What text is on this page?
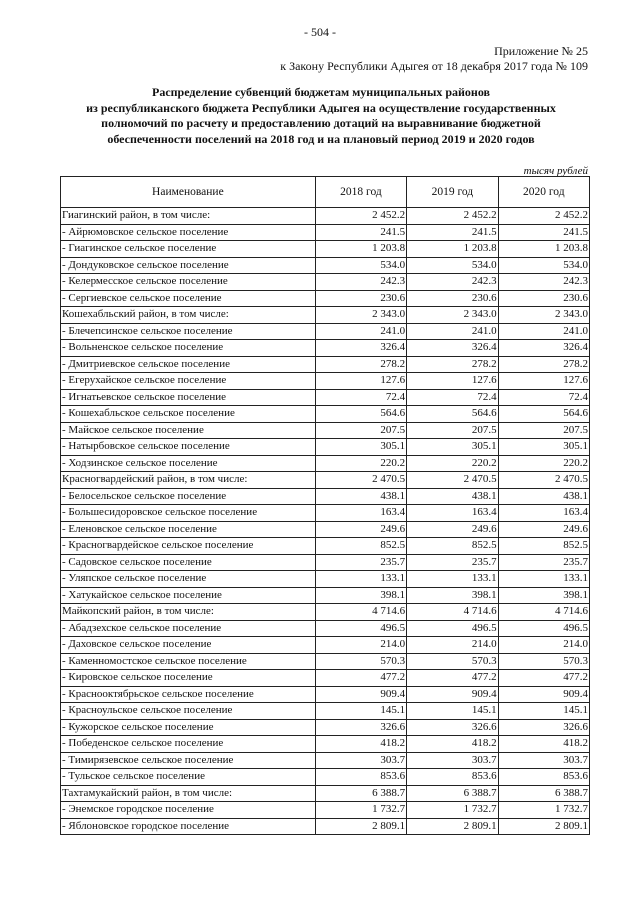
- 504 -
Приложение № 25
к Закону Республики Адыгея от 18 декабря 2017 года № 109
Распределение субвенций бюджетам муниципальных районов
из республиканского бюджета Республики Адыгея на осуществление государственных
полномочий по расчету и предоставлению дотаций на выравнивание бюджетной
обеспеченности поселений на 2018 год и на плановый период 2019 и 2020 годов
тысяч рублей
Наименование	2018 год	2019 год	2020 год
Гиагинский район, в том числе:	2 452.2	2 452.2	2 452.2
- Айрюмовское сельское поселение	241.5	241.5	241.5
- Гиагинское сельское поселение	1 203.8	1 203.8	1 203.8
- Дондуковское сельское поселение	534.0	534.0	534.0
- Келермесское сельское поселение	242.3	242.3	242.3
- Сергиевское сельское поселение	230.6	230.6	230.6
Кошехабльский район, в том числе:	2 343.0	2 343.0	2 343.0
- Блечепсинское сельское поселение	241.0	241.0	241.0
- Вольненское сельское поселение	326.4	326.4	326.4
- Дмитриевское сельское поселение	278.2	278.2	278.2
- Егерухайское сельское поселение	127.6	127.6	127.6
- Игнатьевское сельское поселение	72.4	72.4	72.4
- Кошехабльское сельское поселение	564.6	564.6	564.6
- Майское сельское поселение	207.5	207.5	207.5
- Натырбовское сельское поселение	305.1	305.1	305.1
- Ходзинское сельское поселение	220.2	220.2	220.2
Красногвардейский район, в том числе:	2 470.5	2 470.5	2 470.5
- Белосельское сельское поселение	438.1	438.1	438.1
- Большесидоровское сельское поселение	163.4	163.4	163.4
- Еленовское сельское поселение	249.6	249.6	249.6
- Красногвардейское сельское поселение	852.5	852.5	852.5
- Садовское сельское поселение	235.7	235.7	235.7
- Уляпское сельское поселение	133.1	133.1	133.1
- Хатукайское сельское поселение	398.1	398.1	398.1
Майкопский район, в том числе:	4 714.6	4 714.6	4 714.6
- Абадзехское сельское поселение	496.5	496.5	496.5
- Даховское сельское поселение	214.0	214.0	214.0
- Каменномостское сельское поселение	570.3	570.3	570.3
- Кировское сельское поселение	477.2	477.2	477.2
- Краснооктябрьское сельское поселение	909.4	909.4	909.4
- Красноульское сельское поселение	145.1	145.1	145.1
- Кужорское сельское поселение	326.6	326.6	326.6
- Победенское сельское поселение	418.2	418.2	418.2
- Тимирязевское сельское поселение	303.7	303.7	303.7
- Тульское сельское поселение	853.6	853.6	853.6
Тахтамукайский район, в том числе:	6 388.7	6 388.7	6 388.7
- Энемское городское поселение	1 732.7	1 732.7	1 732.7
- Яблоновское городское поселение	2 809.1	2 809.1	2 809.1
